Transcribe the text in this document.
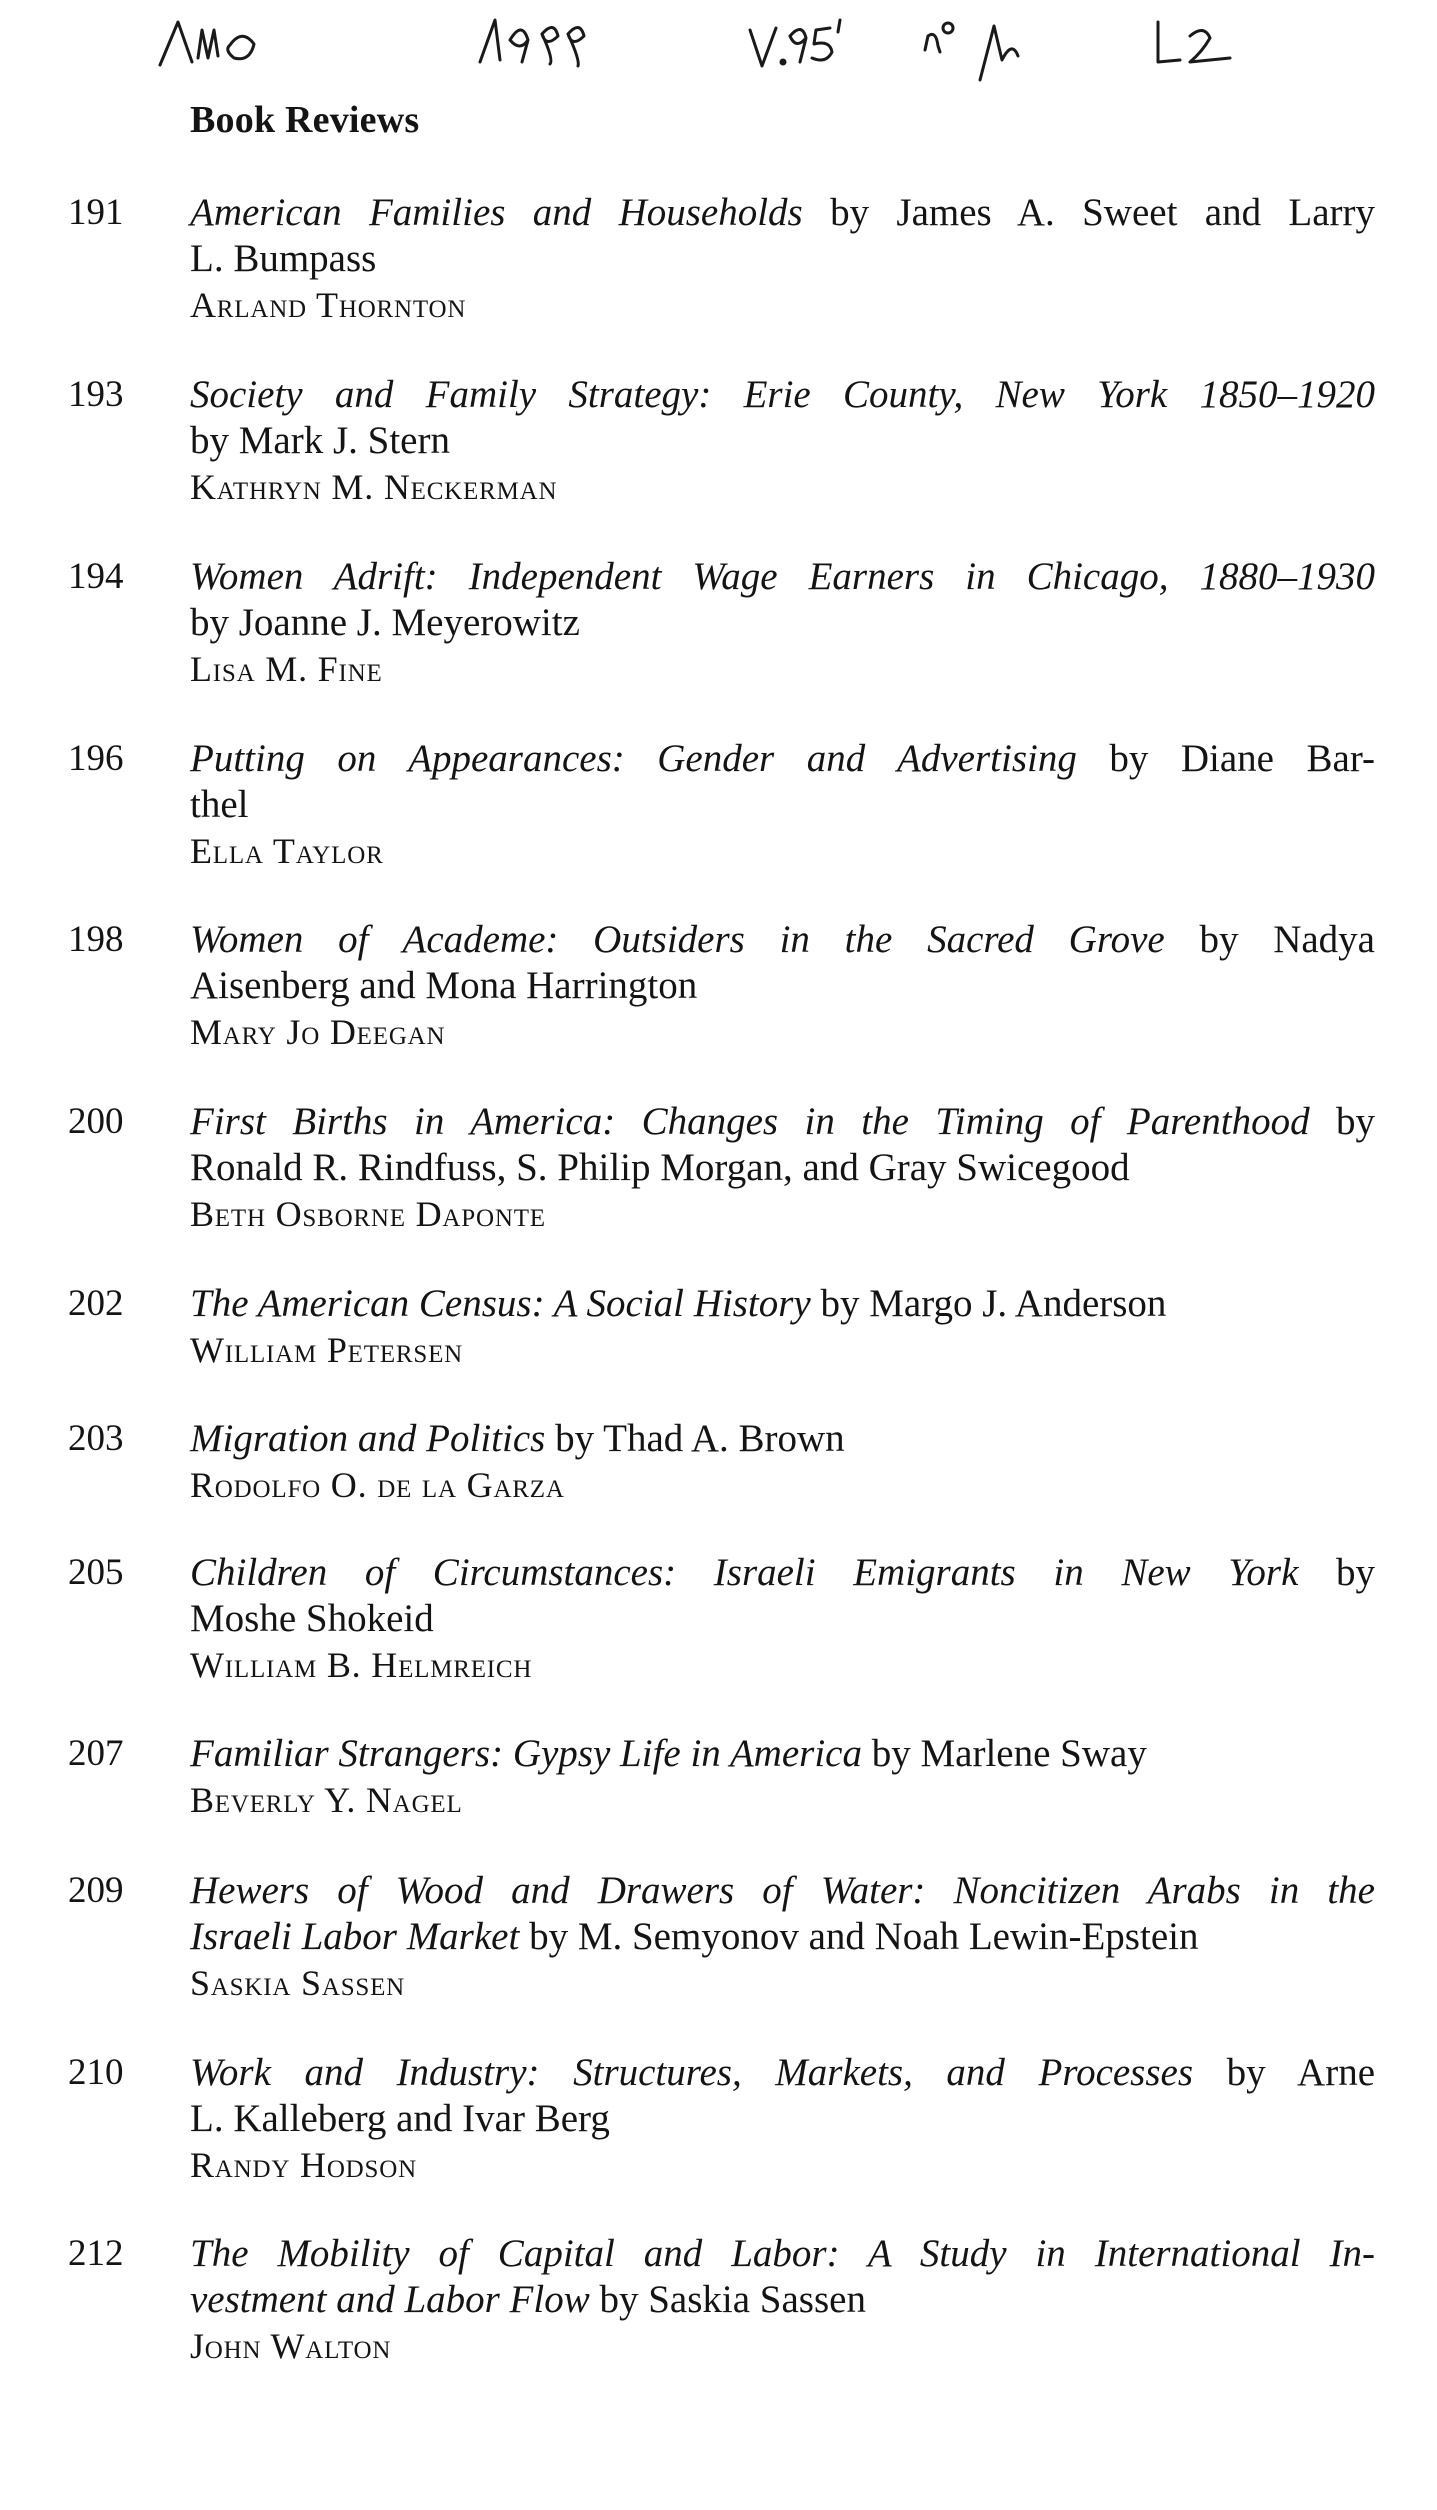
Book Reviews
191	American Families and Households by James A. Sweet and Larry
L. Bumpass
Arland Thornton
193	Society and Family Strategy: Erie County, New York 1850–1920
by Mark J. Stern
Kathryn M. Neckerman
194	Women Adrift: Independent Wage Earners in Chicago, 1880–1930
by Joanne J. Meyerowitz
Lisa M. Fine
196	Putting on Appearances: Gender and Advertising by Diane Bar-
thel
Ella Taylor
198	Women of Academe: Outsiders in the Sacred Grove by Nadya
Aisenberg and Mona Harrington
Mary Jo Deegan
200	First Births in America: Changes in the Timing of Parenthood by
Ronald R. Rindfuss, S. Philip Morgan, and Gray Swicegood
Beth Osborne Daponte
202	The American Census: A Social History by Margo J. Anderson
William Petersen
203	Migration and Politics by Thad A. Brown
Rodolfo O. de la Garza
205	Children of Circumstances: Israeli Emigrants in New York by
Moshe Shokeid
William B. Helmreich
207	Familiar Strangers: Gypsy Life in America by Marlene Sway
Beverly Y. Nagel
209	Hewers of Wood and Drawers of Water: Noncitizen Arabs in the
Israeli Labor Market by M. Semyonov and Noah Lewin-Epstein
Saskia Sassen
210	Work and Industry: Structures, Markets, and Processes by Arne
L. Kalleberg and Ivar Berg
Randy Hodson
212	The Mobility of Capital and Labor: A Study in International In-
vestment and Labor Flow by Saskia Sassen
John Walton
